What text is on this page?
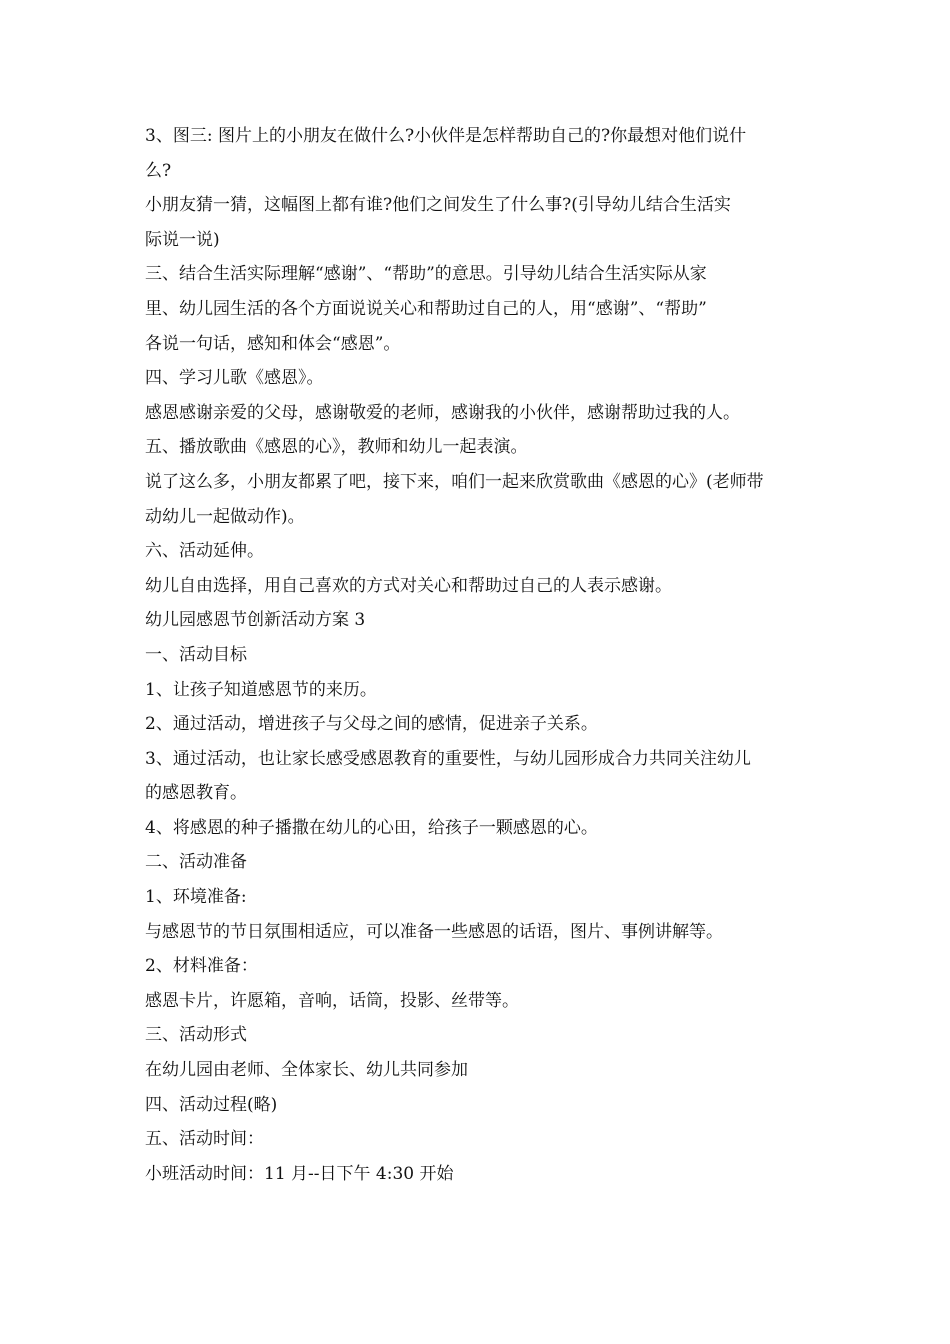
3、图三: 图片上的小朋友在做什么?小伙伴是怎样帮助自己的?你最想对他们说什
么?
小朋友猜一猜，这幅图上都有谁?他们之间发生了什么事?(引导幼儿结合生活实
际说一说)
三、结合生活实际理解“感谢”、“帮助”的意思。引导幼儿结合生活实际从家
里、幼儿园生活的各个方面说说关心和帮助过自己的人，用“感谢”、“帮助”
各说一句话，感知和体会“感恩”。
四、学习儿歌《感恩》。
感恩感谢亲爱的父母，感谢敬爱的老师，感谢我的小伙伴，感谢帮助过我的人。
五、播放歌曲《感恩的心》，教师和幼儿一起表演。
说了这么多，小朋友都累了吧，接下来，咱们一起来欣赏歌曲《感恩的心》(老师带
动幼儿一起做动作)。
六、活动延伸。
幼儿自由选择，用自己喜欢的方式对关心和帮助过自己的人表示感谢。
幼儿园感恩节创新活动方案 3
一、活动目标
1、让孩子知道感恩节的来历。
2、通过活动，增进孩子与父母之间的感情，促进亲子关系。
3、通过活动，也让家长感受感恩教育的重要性，与幼儿园形成合力共同关注幼儿
的感恩教育。
4、将感恩的种子播撒在幼儿的心田，给孩子一颗感恩的心。
二、活动准备
1、环境准备:
与感恩节的节日氛围相适应，可以准备一些感恩的话语，图片、事例讲解等。
2、材料准备：
感恩卡片，许愿箱，音响，话筒，投影、丝带等。
三、活动形式
在幼儿园由老师、全体家长、幼儿共同参加
四、活动过程(略)
五、活动时间：
小班活动时间：11 月--日下午 4:30 开始
